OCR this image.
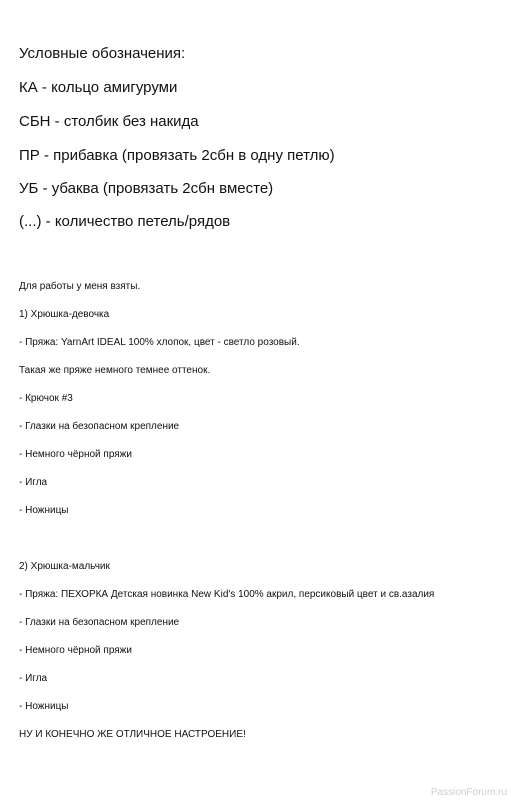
Условные обозначения:
КА - кольцо амигуруми
СБН - столбик без накида
ПР - прибавка (провязать 2сбн в одну петлю)
УБ - убаква (провязать 2сбн вместе)
(...) - количество петель/рядов
Для работы у меня взяты.
1) Хрюшка-девочка
- Пряжа: YarnArt IDEAL 100% хлопок, цвет - светло розовый.
Такая же пряже немного темнее оттенок.
- Крючок #3
- Глазки на безопасном крепление
- Немного чёрной пряжи
- Игла
- Ножницы
2) Хрюшка-мальчик
- Пряжа: ПЕХОРКА Детская новинка New Kid's 100% акрил, персиковый цвет и св.азалия
- Глазки на безопасном крепление
- Немного чёрной пряжи
- Игла
- Ножницы
НУ И КОНЕЧНО ЖЕ ОТЛИЧНОЕ НАСТРОЕНИЕ!
PassionForum.ru
